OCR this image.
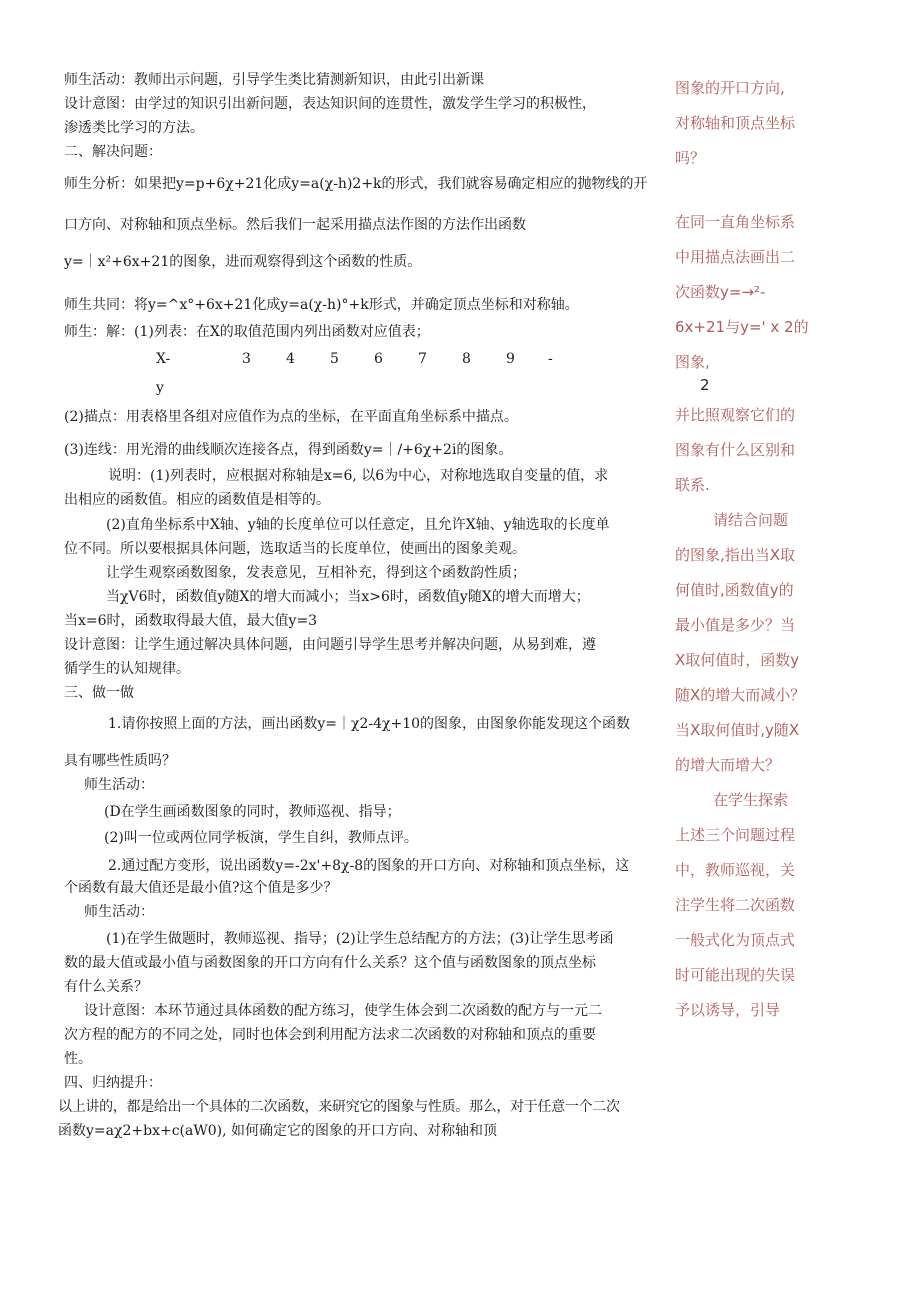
师生活动：教师出示问题，引导学生类比猜测新知识，由此引出新课

设计意图：由学过的知识引出新问题，表达知识间的连贯性，激发学生学习的积极性，

渗透类比学习的方法。

二、解决问题：

师生分析：如果把y=p+6χ+21化成y=a(χ-h)2+k的形式，我们就容易确定相应的抛物线的开

口方向、对称轴和顶点坐标。然后我们一起采用描点法作图的方法作出函数

y=｜x²+6x+21的图象，进而观察得到这个函数的性质。

师生共同：将y=^x°+6x+21化成y=a(χ-h)°+k形式，并确定顶点坐标和对称轴。

师生：解：(1)列表：在X的取值范围内列出函数对应值表；

X-	3	4	5	6	7	8	9	-
y

(2)描点：用表格里各组对应值作为点的坐标，在平面直角坐标系中描点。

(3)连线：用光滑的曲线顺次连接各点，得到函数y=｜/+6χ+2i的图象。

说明：(1)列表时，应根据对称轴是x=6, 以6为中心，对称地选取自变量的值，求

出相应的函数值。相应的函数值是相等的。

(2)直角坐标系中X轴、y轴的长度单位可以任意定，且允许X轴、y轴选取的长度单

位不同。所以要根据具体问题，选取适当的长度单位，使画出的图象美观。

让学生观察函数图象，发表意见，互相补充，得到这个函数韵性质；

当χV6时，函数值y随X的增大而减小；当x>6时，函数值y随X的增大而增大；

当x=6时，函数取得最大值，最大值y=3

设计意图：让学生通过解决具体问题，由问题引导学生思考并解决问题，从易到难，遵

循学生的认知规律。

三、做一做

1.请你按照上面的方法，画出函数y=｜χ2-4χ+10的图象，由图象你能发现这个函数

具有哪些性质吗？

师生活动：

(D在学生画函数图象的同时，教师巡视、指导；

(2)叫一位或两位同学板演，学生自纠，教师点评。

2.通过配方变形，说出函数y=-2x'+8χ-8的图象的开口方向、对称轴和顶点坐标，这

个函数有最大值还是最小值?这个值是多少？

师生活动：

(1)在学生做题时，教师巡视、指导；(2)让学生总结配方的方法；(3)让学生思考函

数的最大值或最小值与函数图象的开口方向有什么关系？这个值与函数图象的顶点坐标

有什么关系？

设计意图：本环节通过具体函数的配方练习，使学生体会到二次函数的配方与一元二

次方程的配方的不同之处，同时也体会到利用配方法求二次函数的对称轴和顶点的重要

性。

四、归纳提升：

以上讲的，都是给出一个具体的二次函数，来研究它的图象与性质。那么，对于任意一个二次

函数y=aχ2+bx+c(aW0), 如何确定它的图象的开口方向、对称轴和顶

图象的开口方向,

对称轴和顶点坐标

吗？

在同一直角坐标系

中用描点法画出二

次函数y=→²-

6x+21与y=' x 2的

图象,

2

并比照观察它们的

图象有什么区别和

联系.

请结合问题

的图象,指出当X取

何值时,函数值y的

最小值是多少？当

X取何值时，函数y

随X的增大而减小？

当X取何值时,y随X

的增大而增大？

在学生探索

上述三个问题过程

中，教师巡视，关

注学生将二次函数

一般式化为顶点式

时可能出现的失误

予以诱导，引导
